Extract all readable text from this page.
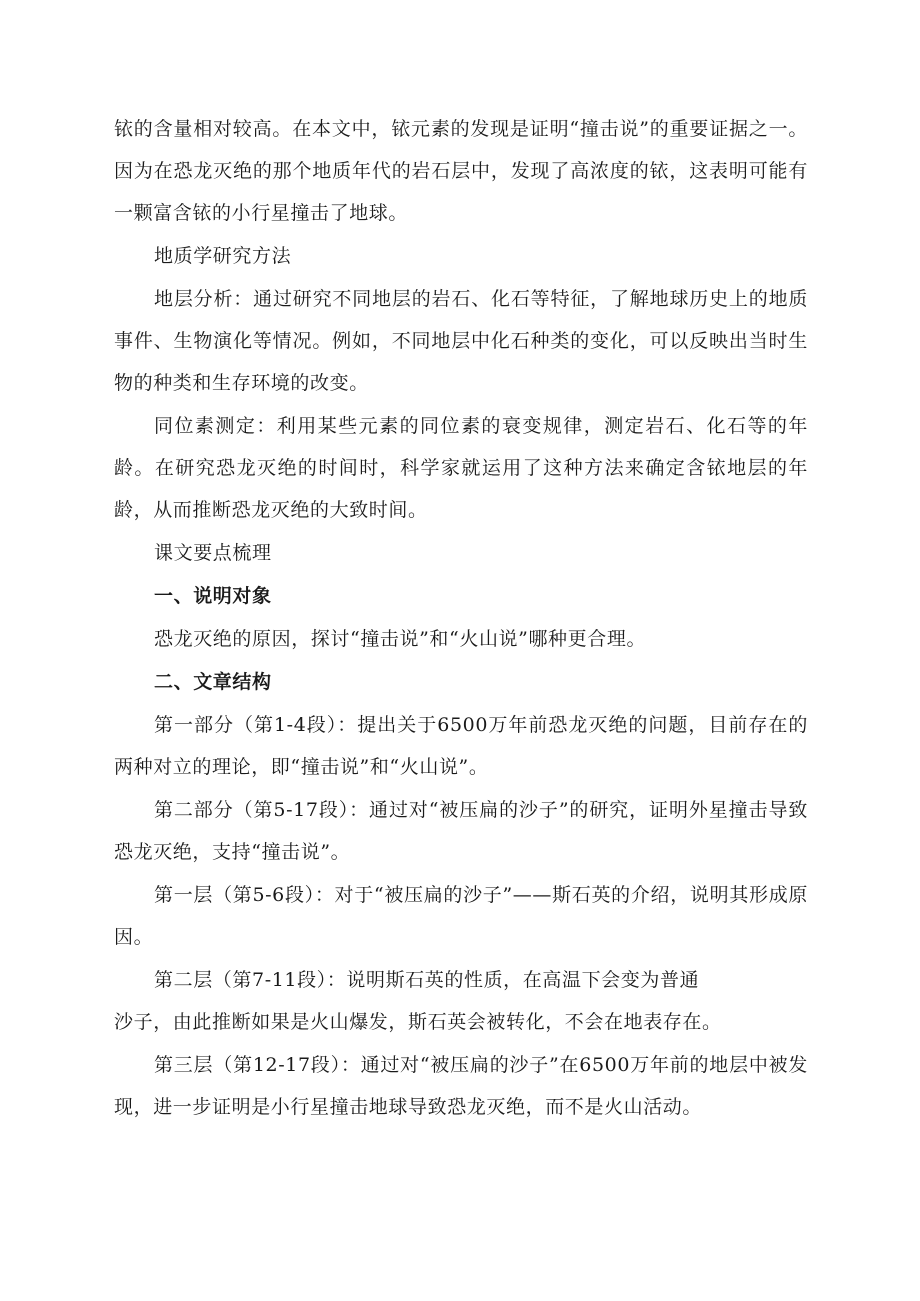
铱的含量相对较高。在本文中，铱元素的发现是证明“撞击说”的重要证据之一。因为在恐龙灭绝的那个地质年代的岩石层中，发现了高浓度的铱，这表明可能有一颗富含铱的小行星撞击了地球。

地质学研究方法

地层分析：通过研究不同地层的岩石、化石等特征，了解地球历史上的地质事件、生物演化等情况。例如，不同地层中化石种类的变化，可以反映出当时生物的种类和生存环境的改变。

同位素测定：利用某些元素的同位素的衰变规律，测定岩石、化石等的年龄。在研究恐龙灭绝的时间时，科学家就运用了这种方法来确定含铱地层的年龄，从而推断恐龙灭绝的大致时间。

课文要点梳理

一、说明对象

恐龙灭绝的原因，探讨“撞击说”和“火山说”哪种更合理。

二、文章结构

第一部分（第1-4段）：提出关于6500万年前恐龙灭绝的问题，目前存在的两种对立的理论，即“撞击说”和“火山说”。

第二部分（第5-17段）：通过对“被压扁的沙子”的研究，证明外星撞击导致恐龙灭绝，支持“撞击说”。

第一层（第5-6段）：对于“被压扁的沙子”——斯石英的介绍，说明其形成原因。

第二层（第7-11段）：说明斯石英的性质，在高温下会变为普通

沙子，由此推断如果是火山爆发，斯石英会被转化，不会在地表存在。

第三层（第12-17段）：通过对“被压扁的沙子”在6500万年前的地层中被发现，进一步证明是小行星撞击地球导致恐龙灭绝，而不是火山活动。
